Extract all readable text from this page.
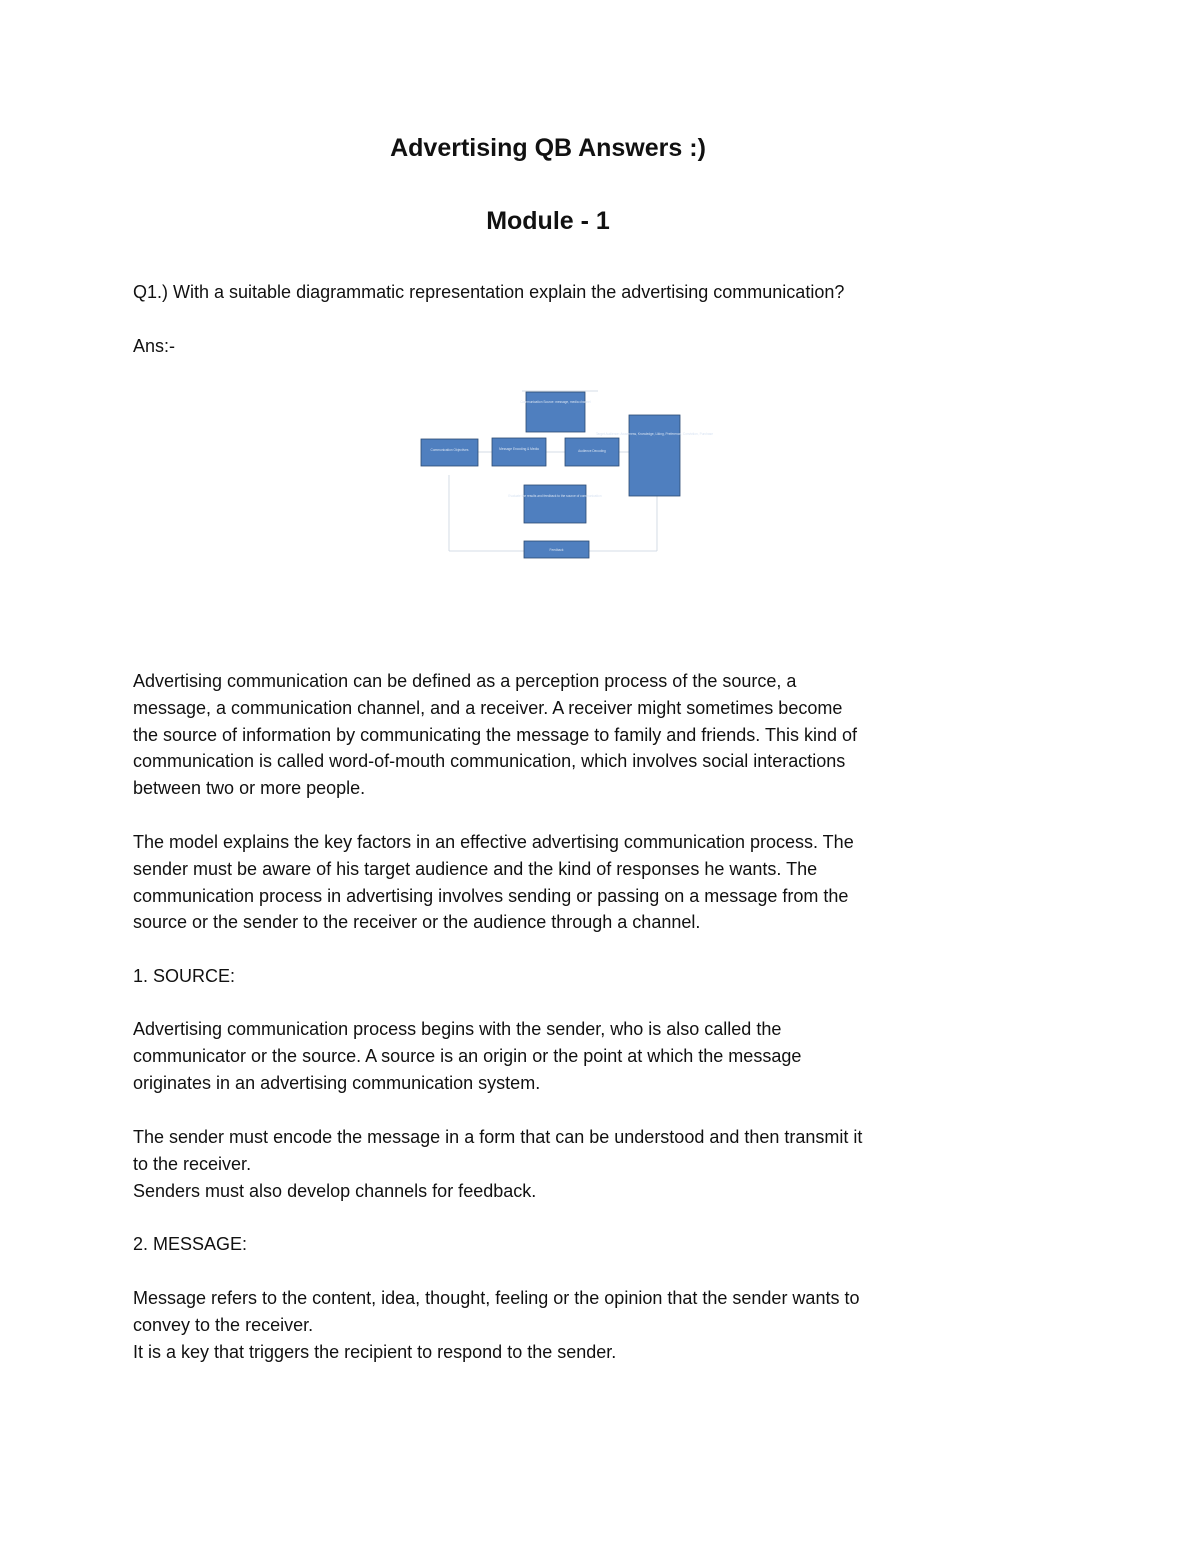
Advertising QB Answers :)
Module - 1

Q1.) With a suitable diagrammatic representation explain the advertising communication?

Ans:-

Communication Source: message, media channel
Communication Objectives	Message Encoding & Media	Audience Decoding
Target Audience: Awareness, Knowledge, Liking, Preference, Conviction, Purchase
Evaluate the results and feedback to the source of communication
Feedback

Advertising communication can be defined as a perception process of the source, a
message, a communication channel, and a receiver. A receiver might sometimes become
the source of information by communicating the message to family and friends. This kind of
communication is called word-of-mouth communication, which involves social interactions
between two or more people.

The model explains the key factors in an effective advertising communication process. The
sender must be aware of his target audience and the kind of responses he wants. The
communication process in advertising involves sending or passing on a message from the
source or the sender to the receiver or the audience through a channel.

1. SOURCE:

Advertising communication process begins with the sender, who is also called the
communicator or the source. A source is an origin or the point at which the message
originates in an advertising communication system.

The sender must encode the message in a form that can be understood and then transmit it
to the receiver.
Senders must also develop channels for feedback.

2. MESSAGE:

Message refers to the content, idea, thought, feeling or the opinion that the sender wants to
convey to the receiver.
It is a key that triggers the recipient to respond to the sender.
